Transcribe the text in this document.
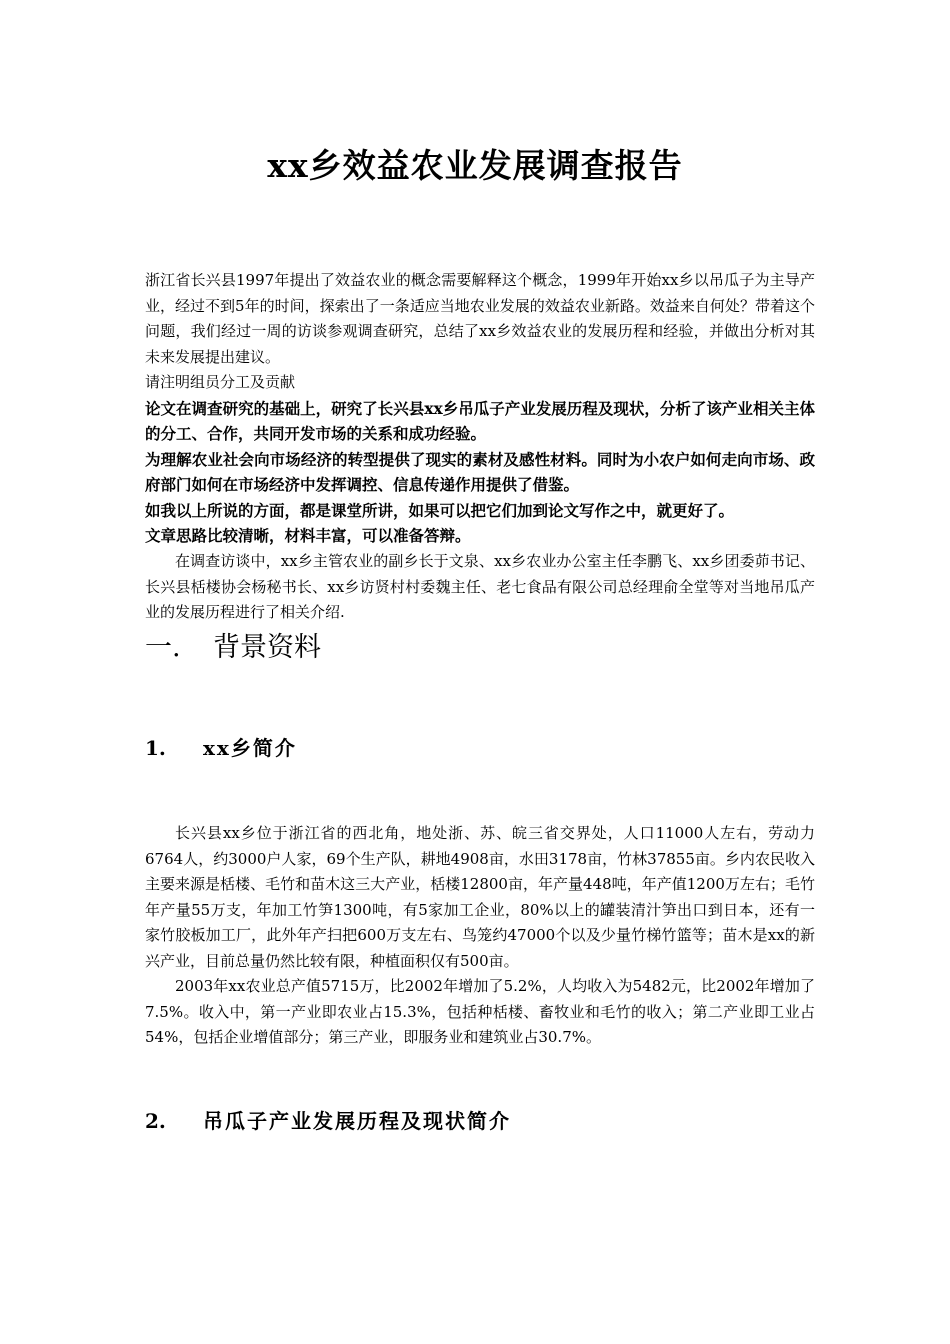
xx乡效益农业发展调查报告

浙江省长兴县1997年提出了效益农业的概念需要解释这个概念，1999年开始xx乡以吊瓜子为主导产业，经过不到5年的时间，探索出了一条适应当地农业发展的效益农业新路。效益来自何处？带着这个问题，我们经过一周的访谈参观调查研究，总结了xx乡效益农业的发展历程和经验，并做出分析对其未来发展提出建议。

请注明组员分工及贡献

论文在调查研究的基础上，研究了长兴县xx乡吊瓜子产业发展历程及现状，分析了该产业相关主体的分工、合作，共同开发市场的关系和成功经验。

为理解农业社会向市场经济的转型提供了现实的素材及感性材料。同时为小农户如何走向市场、政府部门如何在市场经济中发挥调控、信息传递作用提供了借鉴。

如我以上所说的方面，都是课堂所讲，如果可以把它们加到论文写作之中，就更好了。

文章思路比较清晰，材料丰富，可以准备答辩。

在调查访谈中，xx乡主管农业的副乡长于文泉、xx乡农业办公室主任李鹏飞、xx乡团委茆书记、长兴县栝楼协会杨秘书长、xx乡访贤村村委魏主任、老七食品有限公司总经理俞全堂等对当地吊瓜产业的发展历程进行了相关介绍.

一. 背景资料
1. xx乡简介

长兴县xx乡位于浙江省的西北角，地处浙、苏、皖三省交界处，人口11000人左右，劳动力6764人，约3000户人家，69个生产队，耕地4908亩，水田3178亩，竹林37855亩。乡内农民收入主要来源是栝楼、毛竹和苗木这三大产业，栝楼12800亩，年产量448吨，年产值1200万左右；毛竹年产量55万支，年加工竹笋1300吨，有5家加工企业，80%以上的罐装清汁笋出口到日本，还有一家竹胶板加工厂，此外年产扫把600万支左右、鸟笼约47000个以及少量竹梯竹篮等；苗木是xx的新兴产业，目前总量仍然比较有限，种植面积仅有500亩。

2003年xx农业总产值5715万，比2002年增加了5.2%，人均收入为5482元，比2002年增加了7.5%。收入中，第一产业即农业占15.3%，包括种栝楼、畜牧业和毛竹的收入；第二产业即工业占54%，包括企业增值部分；第三产业，即服务业和建筑业占30.7%。

2. 吊瓜子产业发展历程及现状简介
